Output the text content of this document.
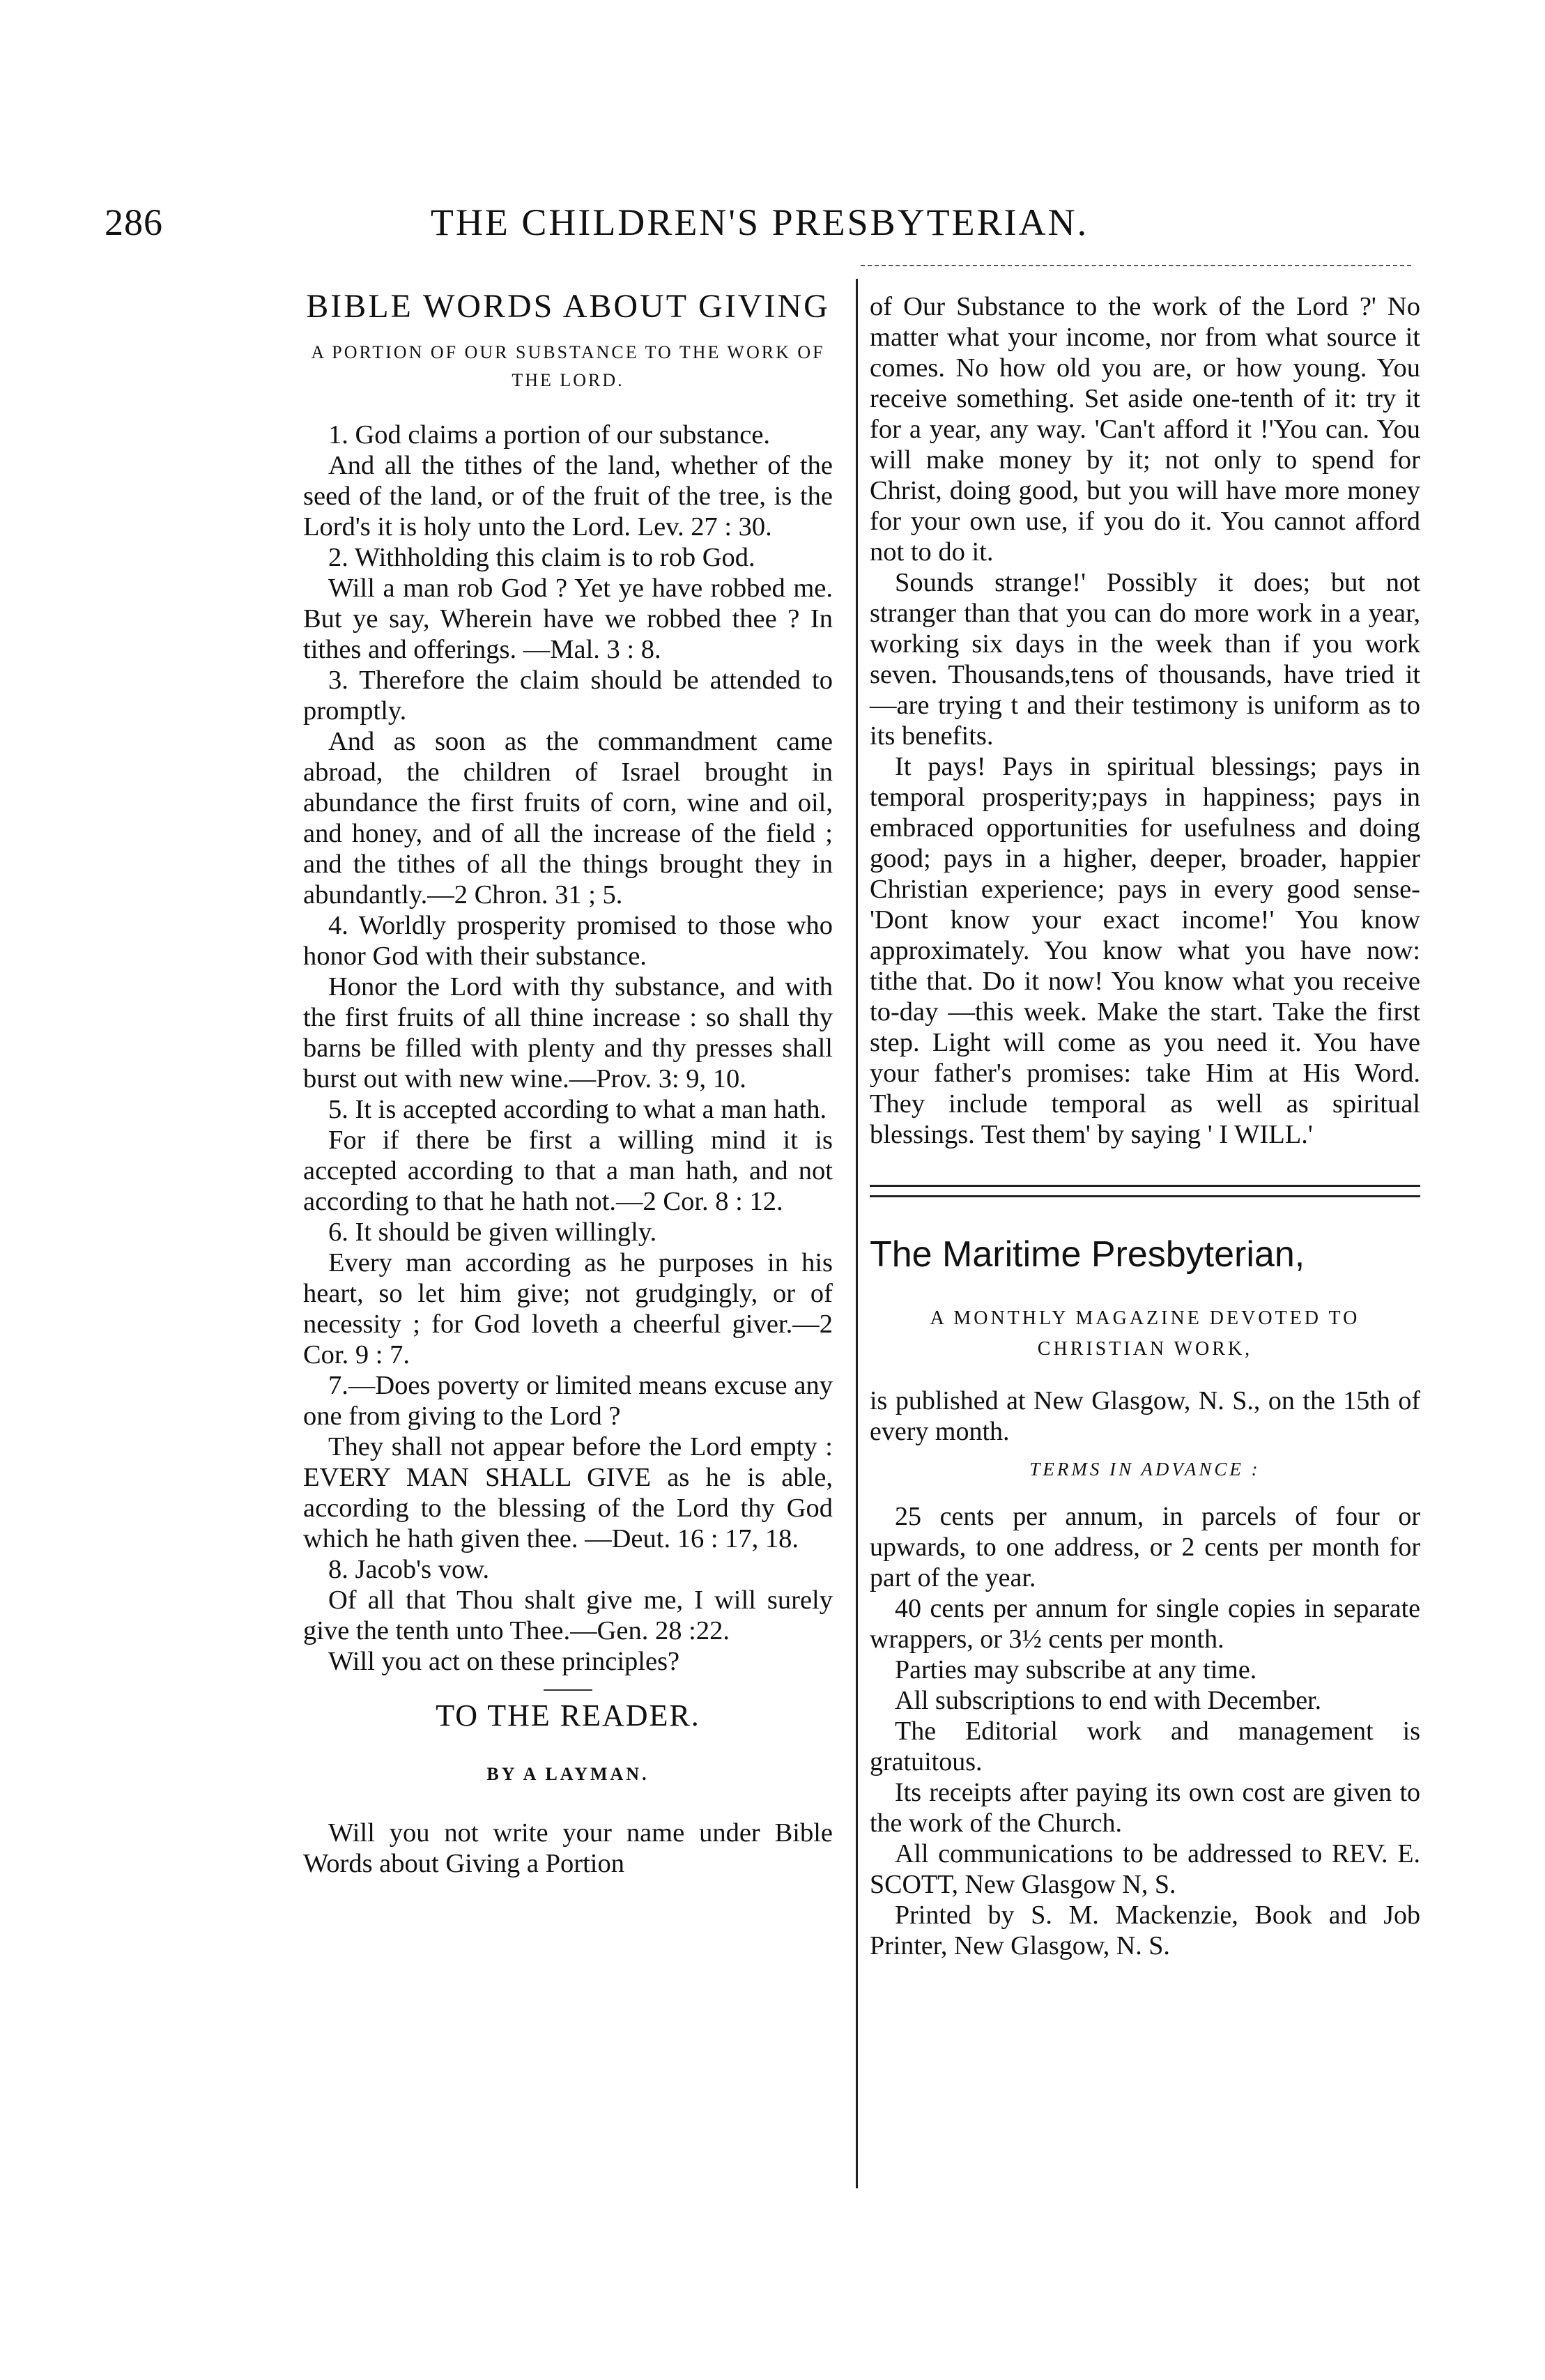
286	THE CHILDREN'S PRESBYTERIAN.
BIBLE WORDS ABOUT GIVING
A PORTION OF OUR SUBSTANCE TO THE WORK OF THE LORD.

1. God claims a portion of our substance.

And all the tithes of the land, whether of the seed of the land, or of the fruit of the tree, is the Lord's it is holy unto the Lord. Lev. 27 : 30.

2. Withholding this claim is to rob God.

Will a man rob God ? Yet ye have robbed me. But ye say, Wherein have we robbed thee ? In tithes and offerings. —Mal. 3 : 8.

3. Therefore the claim should be attended to promptly.

And as soon as the commandment came abroad, the children of Israel brought in abundance the first fruits of corn, wine and oil, and honey, and of all the increase of the field ; and the tithes of all the things brought they in abundantly.—2 Chron. 31 ; 5.

4. Worldly prosperity promised to those who honor God with their substance.

Honor the Lord with thy substance, and with the first fruits of all thine increase : so shall thy barns be filled with plenty and thy presses shall burst out with new wine.—Prov. 3: 9, 10.

5. It is accepted according to what a man hath.

For if there be first a willing mind it is accepted according to that a man hath, and not according to that he hath not.—2 Cor. 8 : 12.

6. It should be given willingly.

Every man according as he purposes in his heart, so let him give; not grudgingly, or of necessity ; for God loveth a cheerful giver.—2 Cor. 9 : 7.

7.—Does poverty or limited means excuse any one from giving to the Lord ?

They shall not appear before the Lord empty : EVERY MAN SHALL GIVE as he is able, according to the blessing of the Lord thy God which he hath given thee. —Deut. 16 : 17, 18.

8. Jacob's vow.

Of all that Thou shalt give me, I will surely give the tenth unto Thee.—Gen. 28 :22.

Will you act on these principles?

TO THE READER.
BY A LAYMAN.

Will you not write your name under Bible Words about Giving a Portion

of Our Substance to the work of the Lord ?' No matter what your income, nor from what source it comes. No how old you are, or how young. You receive something. Set aside one-tenth of it: try it for a year, any way. 'Can't afford it !'You can. You will make money by it; not only to spend for Christ, doing good, but you will have more money for your own use, if you do it. You cannot afford not to do it.

Sounds strange!' Possibly it does; but not stranger than that you can do more work in a year, working six days in the week than if you work seven. Thousands,tens of thousands, have tried it—are trying t and their testimony is uniform as to its benefits.

It pays! Pays in spiritual blessings; pays in temporal prosperity;pays in happiness; pays in embraced opportunities for usefulness and doing good; pays in a higher, deeper, broader, happier Christian experience; pays in every good sense- 'Dont know your exact income!' You know approximately. You know what you have now: tithe that. Do it now! You know what you receive to-day —this week. Make the start. Take the first step. Light will come as you need it. You have your father's promises: take Him at His Word. They include temporal as well as spiritual blessings. Test them' by saying ' I WILL.'

The Maritime Presbyterian,
A MONTHLY MAGAZINE DEVOTED TO CHRISTIAN WORK,

is published at New Glasgow, N. S., on the 15th of every month.

TERMS IN ADVANCE :

25 cents per annum, in parcels of four or upwards, to one address, or 2 cents per month for part of the year.

40 cents per annum for single copies in separate wrappers, or 3½ cents per month.

Parties may subscribe at any time.

All subscriptions to end with December.

The Editorial work and management is gratuitous.

Its receipts after paying its own cost are given to the work of the Church.

All communications to be addressed to REV. E. SCOTT, New Glasgow N, S.

Printed by S. M. Mackenzie, Book and Job Printer, New Glasgow, N. S.
